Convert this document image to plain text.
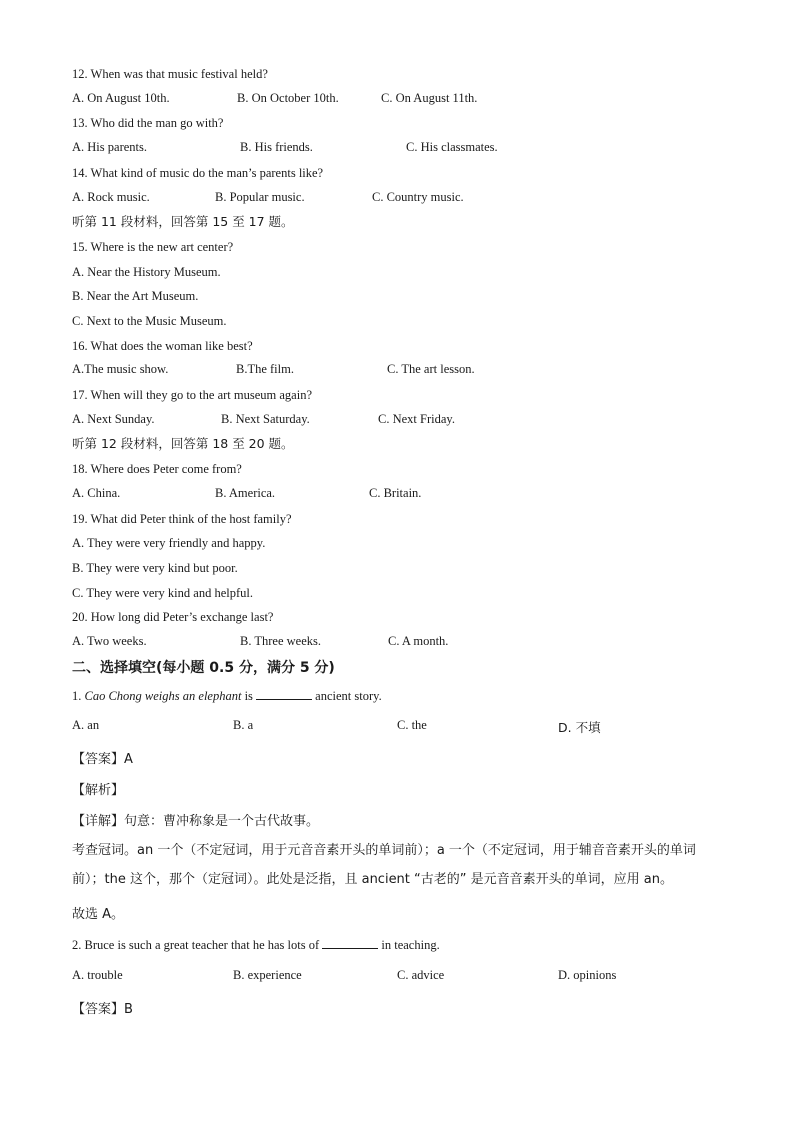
12. When was that music festival held?
A. On August 10th.	B. On October 10th.	C. On August 11th.
13. Who did the man go with?
A. His parents.	B. His friends.	C. His classmates.
14. What kind of music do the man’s parents like?
A. Rock music.	B. Popular music.	C. Country music.
听第 11 段材料，回答第 15 至 17 题。
15. Where is the new art center?
A. Near the History Museum.
B. Near the Art Museum.
C. Next to the Music Museum.
16. What does the woman like best?
A.The music show.	B.The film.	C. The art lesson.
17. When will they go to the art museum again?
A. Next Sunday.	B. Next Saturday.	C. Next Friday.
听第 12 段材料，回答第 18 至 20 题。
18. Where does Peter come from?
A. China.	B. America.	C. Britain.
19. What did Peter think of the host family?
A. They were very friendly and happy.
B. They were very kind but poor.
C. They were very kind and helpful.
20. How long did Peter’s exchange last?
A. Two weeks.	B. Three weeks.	C. A month.
二、选择填空(每小题 0.5 分，满分 5 分)
1. Cao Chong weighs an elephant is	ancient story.
A. an	B. a	C. the	D. 不填
【答案】A
【解析】
【详解】句意：曹冲称象是一个古代故事。
考查冠词。an 一个（不定冠词，用于元音音素开头的单词前）；a 一个（不定冠词，用于辅音音素开头的单词前）；the 这个，那个（定冠词）。此处是泛指，且 ancient “古老的” 是元音音素开头的单词，应用 an。
故选 A。
2. Bruce is such a great teacher that he has lots of	in teaching.
A. trouble	B. experience	C. advice	D. opinions
【答案】B
